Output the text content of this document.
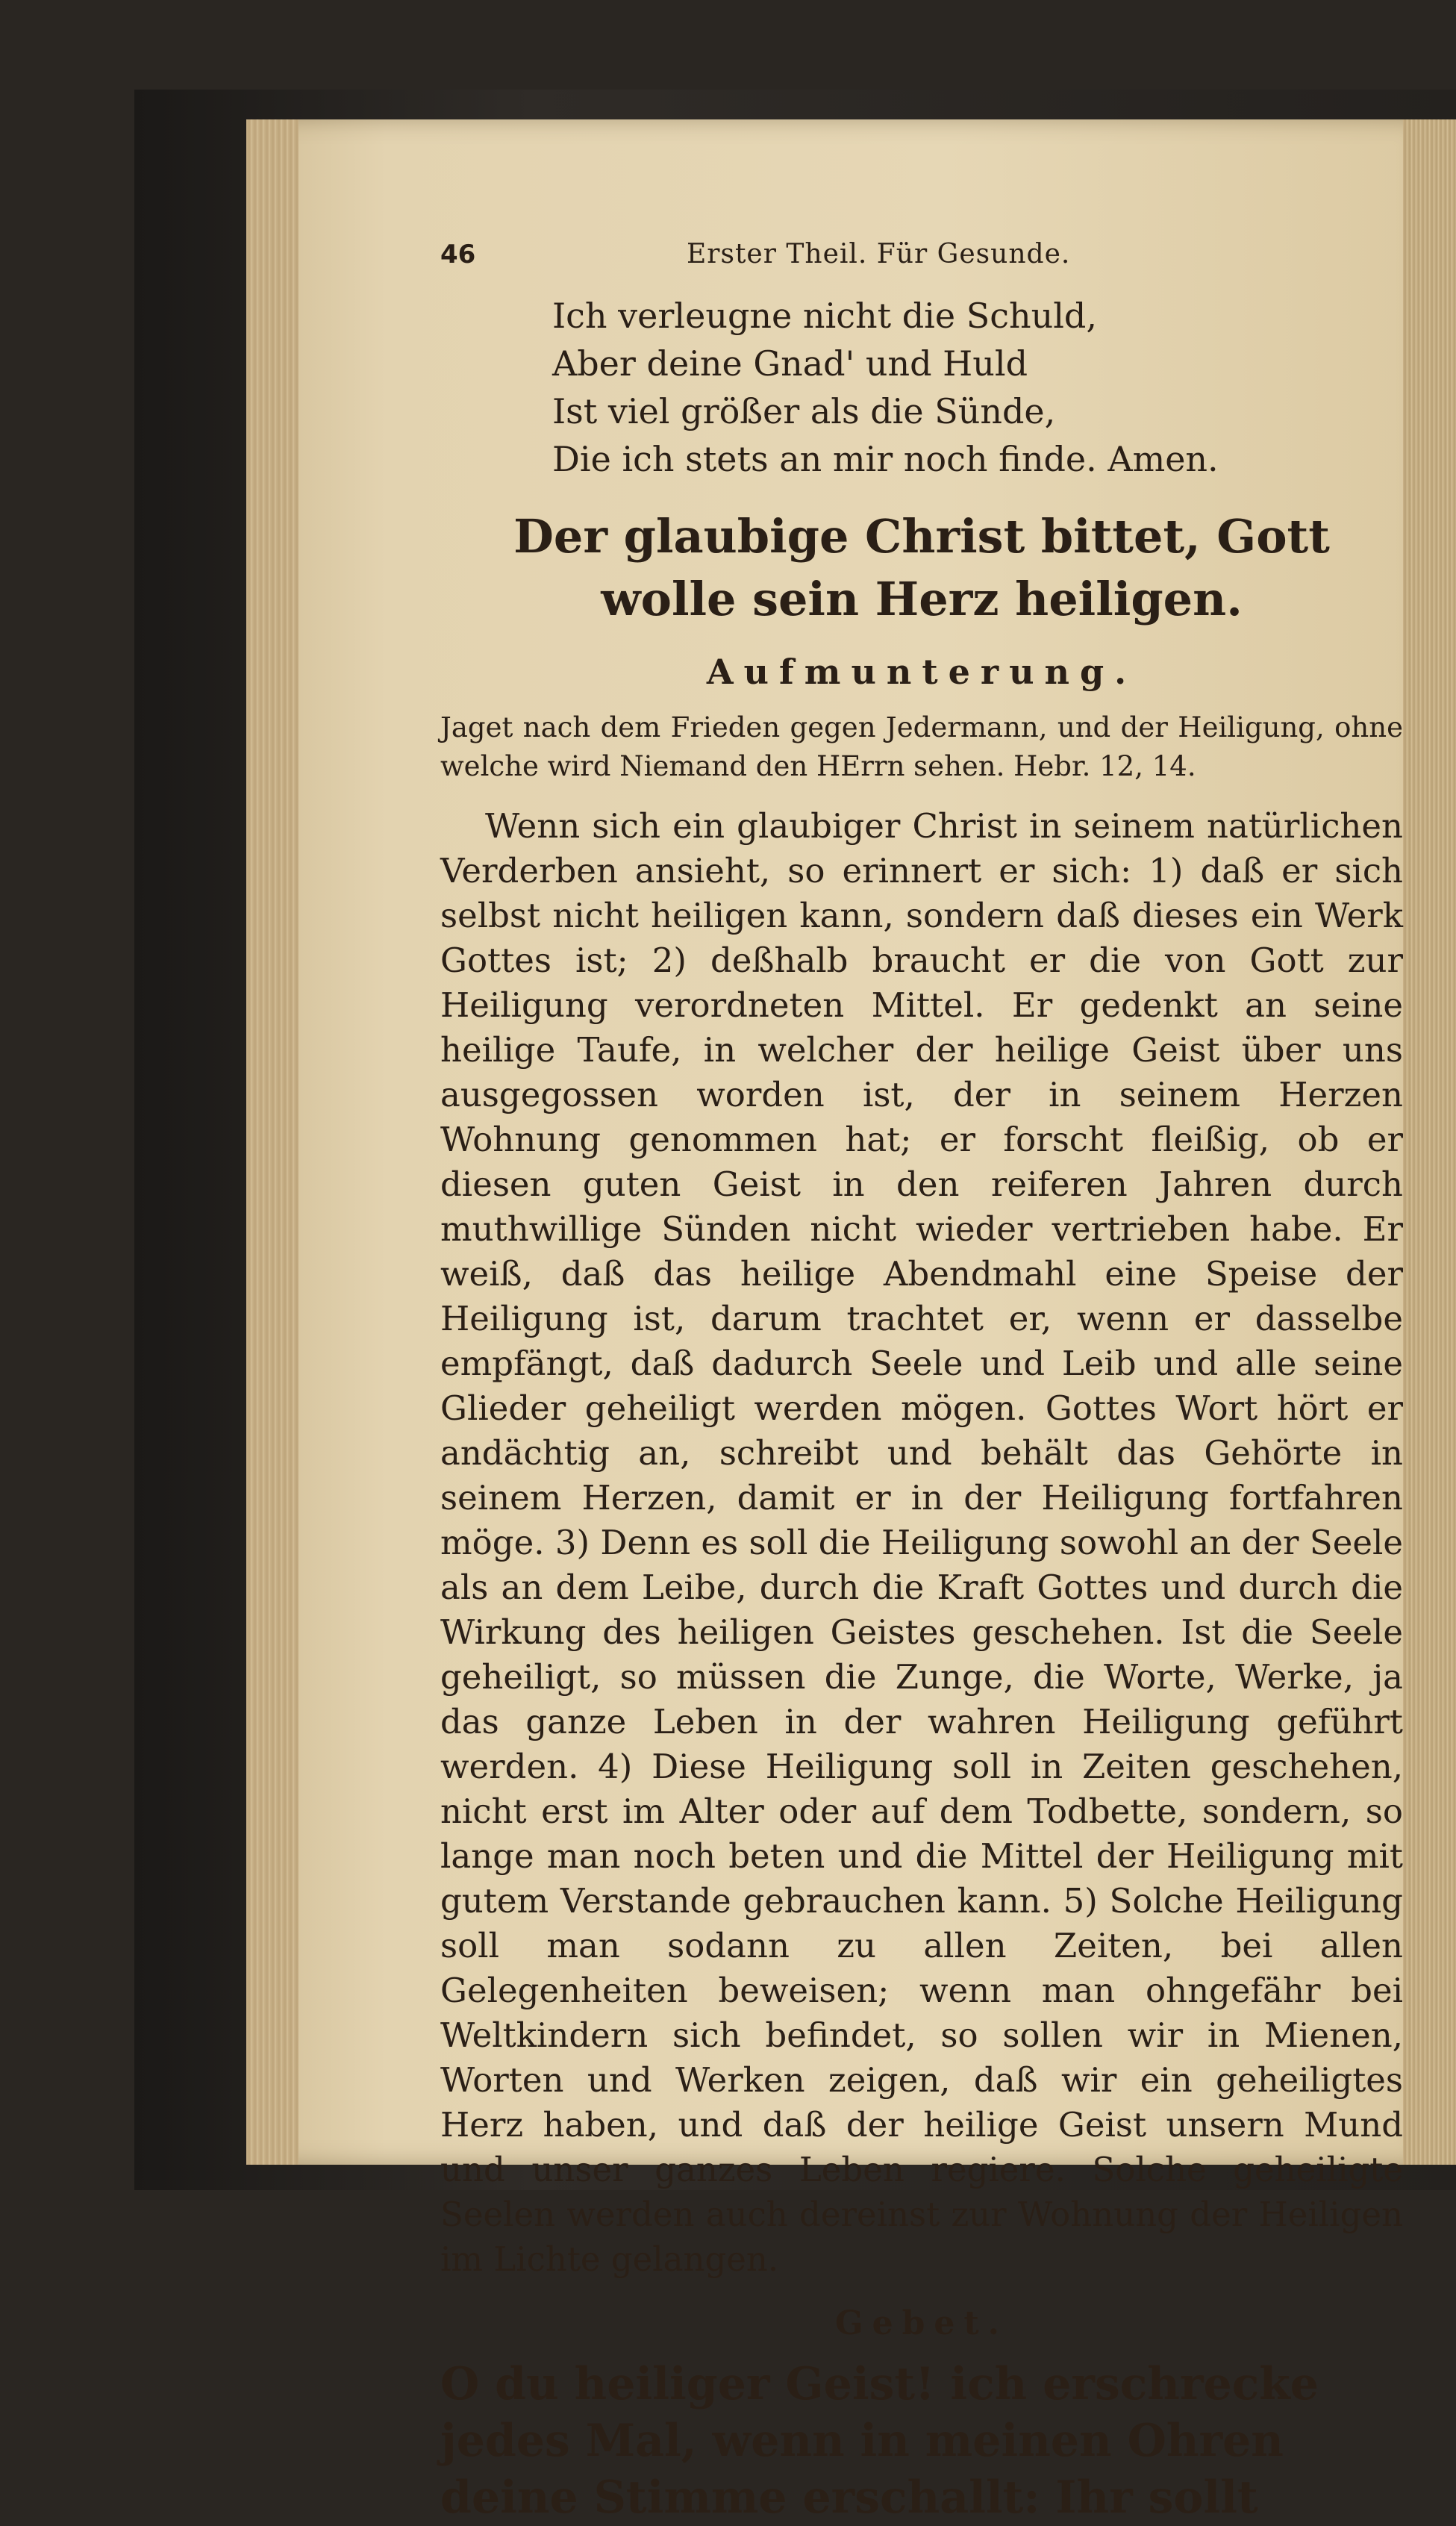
46	Erster Theil. Für Gesunde.
Ich verleugne nicht die Schuld,
Aber deine Gnad' und Huld
Ist viel größer als die Sünde,
Die ich stets an mir noch finde. Amen.
Der glaubige Christ bittet, Gott wolle sein Herz heiligen.
Aufmunterung.
Jaget nach dem Frieden gegen Jedermann, und der Heiligung, ohne welche wird Niemand den HErrn sehen. Hebr. 12, 14.
Wenn sich ein glaubiger Christ in seinem natürlichen Verderben ansieht, so erinnert er sich: 1) daß er sich selbst nicht heiligen kann, sondern daß dieses ein Werk Gottes ist; 2) deßhalb braucht er die von Gott zur Heiligung verordneten Mittel. Er gedenkt an seine heilige Taufe, in welcher der heilige Geist über uns ausgegossen worden ist, der in seinem Herzen Wohnung genommen hat; er forscht fleißig, ob er diesen guten Geist in den reiferen Jahren durch muthwillige Sünden nicht wieder vertrieben habe. Er weiß, daß das heilige Abendmahl eine Speise der Heiligung ist, darum trachtet er, wenn er dasselbe empfängt, daß dadurch Seele und Leib und alle seine Glieder geheiligt werden mögen. Gottes Wort hört er andächtig an, schreibt und behält das Gehörte in seinem Herzen, damit er in der Heiligung fortfahren möge. 3) Denn es soll die Heiligung sowohl an der Seele als an dem Leibe, durch die Kraft Gottes und durch die Wirkung des heiligen Geistes geschehen. Ist die Seele geheiligt, so müssen die Zunge, die Worte, Werke, ja das ganze Leben in der wahren Heiligung geführt werden. 4) Diese Heiligung soll in Zeiten geschehen, nicht erst im Alter oder auf dem Todbette, sondern, so lange man noch beten und die Mittel der Heiligung mit gutem Verstande gebrauchen kann. 5) Solche Heiligung soll man sodann zu allen Zeiten, bei allen Gelegenheiten beweisen; wenn man ohngefähr bei Weltkindern sich befindet, so sollen wir in Mienen, Worten und Werken zeigen, daß wir ein geheiligtes Herz haben, und daß der heilige Geist unsern Mund und unser ganzes Leben regiere. Solche geheiligte Seelen werden auch dereinst zur Wohnung der Heiligen im Lichte gelangen.
Gebet.
O du heiliger Geist! ich erschrecke jedes Mal, wenn in meinen Ohren deine Stimme erschallt: Ihr sollt
